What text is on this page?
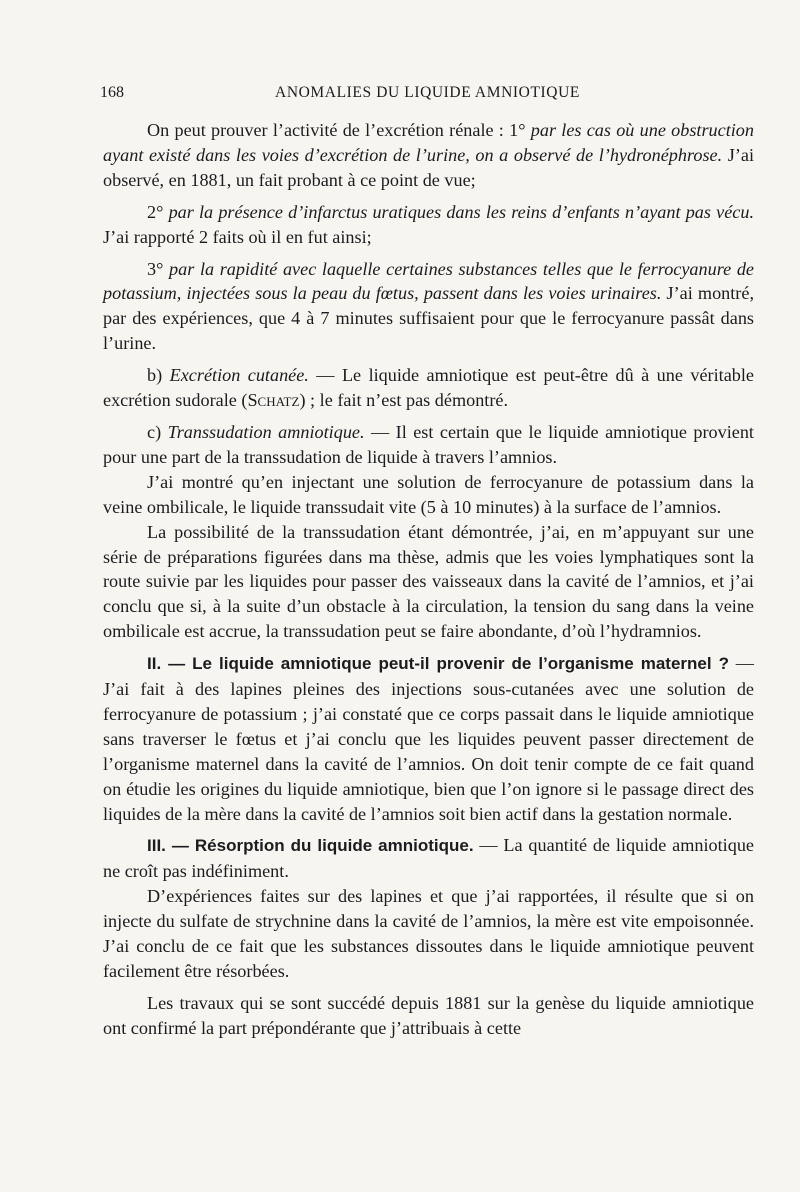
168	ANOMALIES DU LIQUIDE AMNIOTIQUE

On peut prouver l’activité de l’excrétion rénale : 1° par les cas où une obstruction ayant existé dans les voies d’excrétion de l’urine, on a observé de l’hydronéphrose. J’ai observé, en 1881, un fait probant à ce point de vue;

2° par la présence d’infarctus uratiques dans les reins d’enfants n’ayant pas vécu. J’ai rapporté 2 faits où il en fut ainsi;

3° par la rapidité avec laquelle certaines substances telles que le ferrocyanure de potassium, injectées sous la peau du fœtus, passent dans les voies urinaires. J’ai montré, par des expériences, que 4 à 7 minutes suffisaient pour que le ferrocyanure passât dans l’urine.

b) Excrétion cutanée. — Le liquide amniotique est peut-être dû à une véritable excrétion sudorale (Schatz) ; le fait n’est pas démontré.

c) Transsudation amniotique. — Il est certain que le liquide amniotique provient pour une part de la transsudation de liquide à travers l’amnios.

J’ai montré qu’en injectant une solution de ferrocyanure de potassium dans la veine ombilicale, le liquide transsudait vite (5 à 10 minutes) à la surface de l’amnios.

La possibilité de la transsudation étant démontrée, j’ai, en m’appuyant sur une série de préparations figurées dans ma thèse, admis que les voies lymphatiques sont la route suivie par les liquides pour passer des vaisseaux dans la cavité de l’amnios, et j’ai conclu que si, à la suite d’un obstacle à la circulation, la tension du sang dans la veine ombilicale est accrue, la transsudation peut se faire abondante, d’où l’hydramnios.

II. — Le liquide amniotique peut-il provenir de l’organisme maternel ? — J’ai fait à des lapines pleines des injections sous-cutanées avec une solution de ferrocyanure de potassium ; j’ai constaté que ce corps passait dans le liquide amniotique sans traverser le fœtus et j’ai conclu que les liquides peuvent passer directement de l’organisme maternel dans la cavité de l’amnios. On doit tenir compte de ce fait quand on étudie les origines du liquide amniotique, bien que l’on ignore si le passage direct des liquides de la mère dans la cavité de l’amnios soit bien actif dans la gestation normale.

III. — Résorption du liquide amniotique. — La quantité de liquide amniotique ne croît pas indéfiniment.

D’expériences faites sur des lapines et que j’ai rapportées, il résulte que si on injecte du sulfate de strychnine dans la cavité de l’amnios, la mère est vite empoisonnée. J’ai conclu de ce fait que les substances dissoutes dans le liquide amniotique peuvent facilement être résorbées.

Les travaux qui se sont succédé depuis 1881 sur la genèse du liquide amniotique ont confirmé la part prépondérante que j’attribuais à cette
